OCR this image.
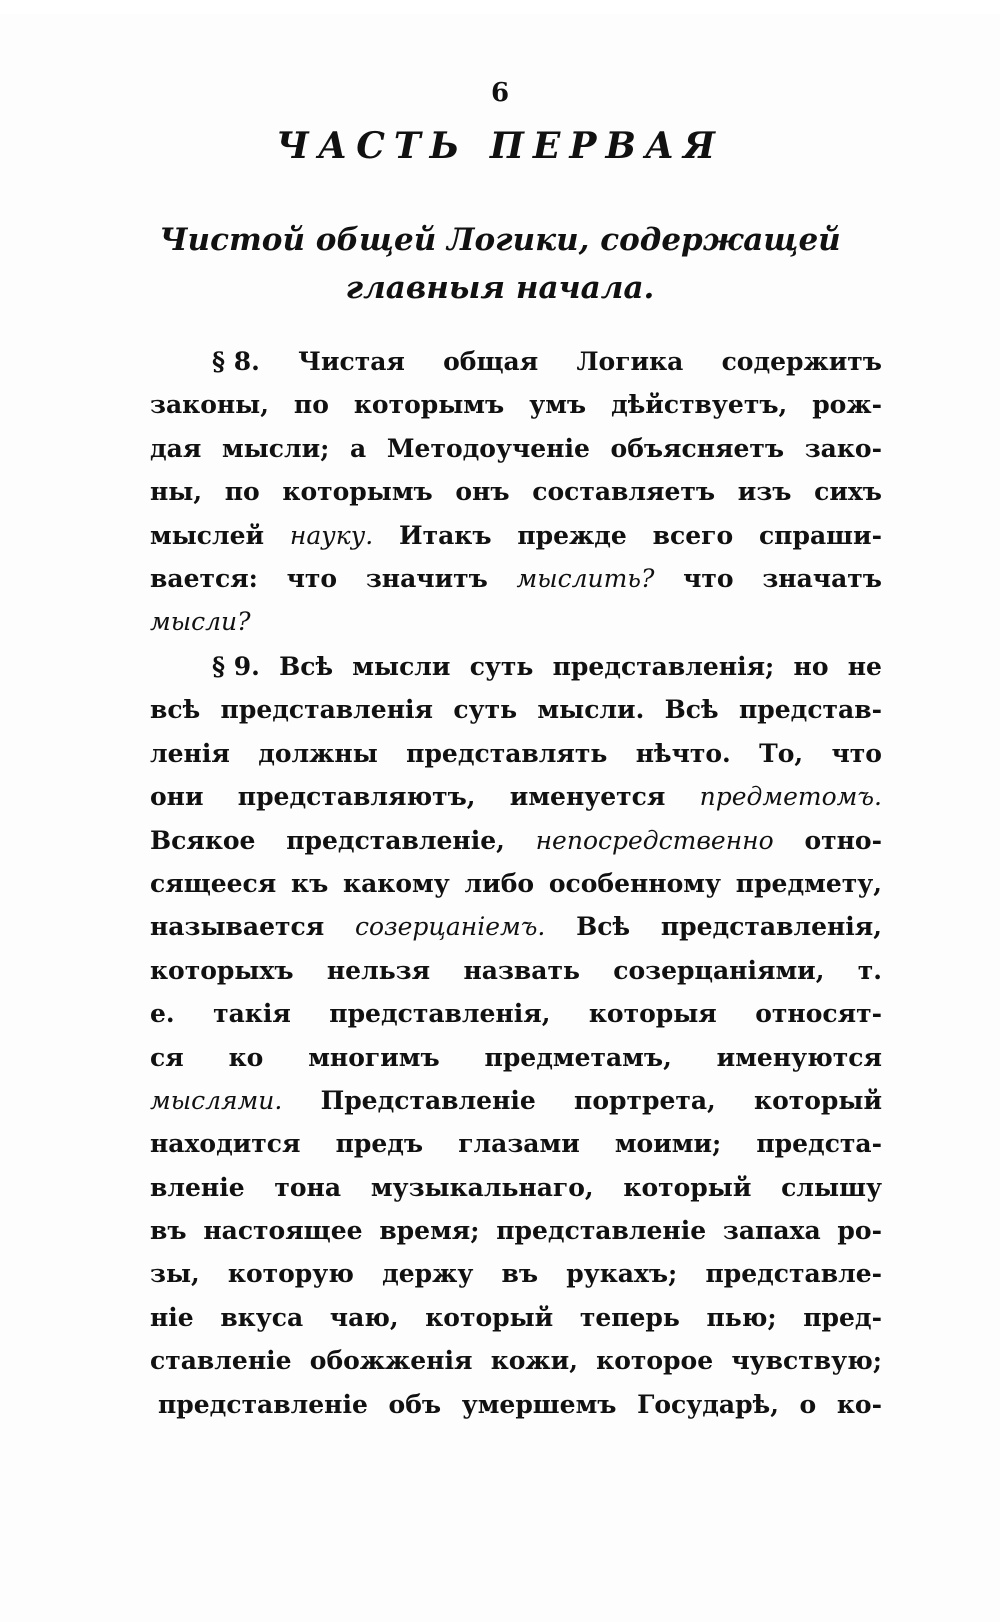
6
ЧАСТЬ ПЕРВАЯ
Чистой общей Логики, содержащей
главныя начала.
§ 8. Чистая общая Логика содержитъ
законы, по которымъ умъ дѣйствуетъ, рож-
дая мысли; а Методоученіе объясняетъ зако-
ны, по которымъ онъ составляетъ изъ сихъ
мыслей науку. Итакъ прежде всего спраши-
вается: что значитъ мыслить? что значатъ
мысли?
§ 9. Всѣ мысли суть представленія; но не
всѣ представленія суть мысли. Всѣ представ-
ленія должны представлять нѣчто. То, что
они представляютъ, именуется предметомъ.
Всякое представленіе, непосредственно отно-
сящееся къ какому либо особенному предмету,
называется созерцаніемъ. Всѣ представленія,
которыхъ нельзя назвать созерцаніями, т.
е. такія представленія, которыя относят-
ся ко многимъ предметамъ, именуются
мыслями. Представленіе портрета, который
находится предъ глазами моими; предста-
вленіе тона музыкальнаго, который слышу
въ настоящее время; представленіе запаха ро-
зы, которую держу въ рукахъ; представле-
ніе вкуса чаю, который теперь пью; пред-
ставленіе обожженія кожи, которое чувствую;
представленіе объ умершемъ Государѣ, о ко-
